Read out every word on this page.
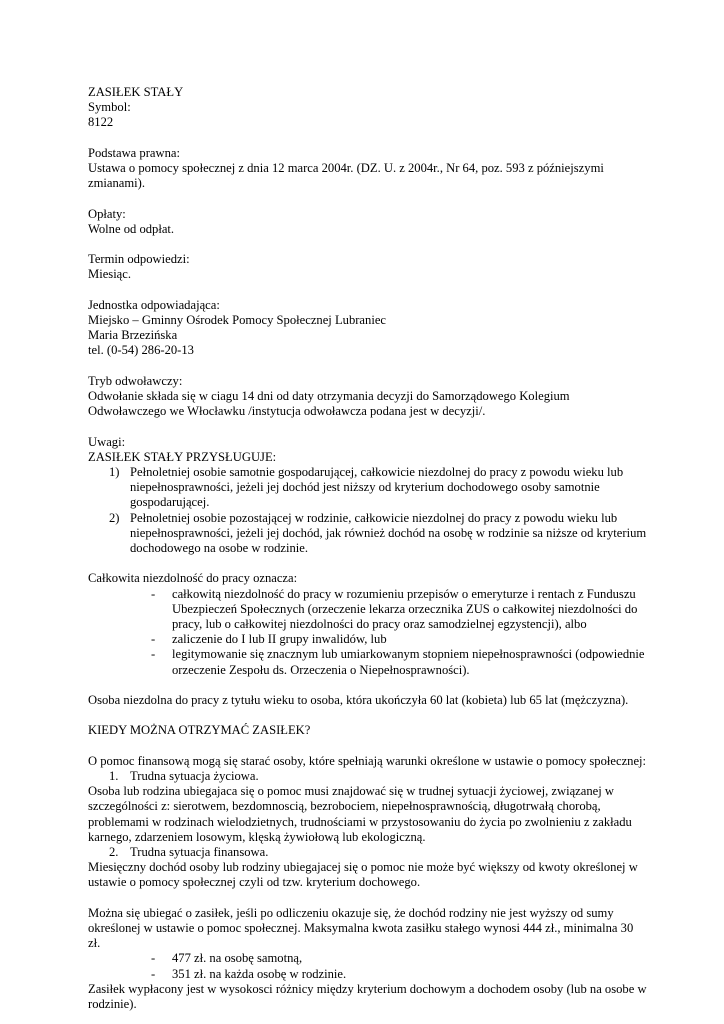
ZASIŁEK STAŁY

Symbol:

8122

Podstawa prawna:

Ustawa o pomocy społecznej z dnia 12 marca 2004r. (DZ. U. z 2004r., Nr 64, poz. 593 z późniejszymi zmianami).

Opłaty:

Wolne od odpłat.

Termin odpowiedzi:

Miesiąc.

Jednostka odpowiadająca:

Miejsko – Gminny Ośrodek Pomocy Społecznej Lubraniec

Maria Brzezińska

tel. (0-54) 286-20-13

Tryb odwoławczy:

Odwołanie składa się w ciagu 14 dni od daty otrzymania decyzji do Samorządowego Kolegium Odwoławczego we Włocławku /instytucja odwoławcza podana jest w decyzji/.

Uwagi:

ZASIŁEK STAŁY PRZYSŁUGUJE:

1) Pełnoletniej osobie samotnie gospodarującej, całkowicie niezdolnej do pracy z powodu wieku lub niepełnosprawności, jeżeli jej dochód jest niższy od kryterium dochodowego osoby samotnie gospodarującej.
2) Pełnoletniej osobie pozostającej w rodzinie, całkowicie niezdolnej do pracy z powodu wieku lub niepełnosprawności, jeżeli jej dochód, jak również dochód na osobę w rodzinie sa niższe od kryterium dochodowego na osobe w rodzinie.

Całkowita niezdolność do pracy oznacza:

- całkowitą niezdolność do pracy w rozumieniu przepisów o emeryturze i rentach z Funduszu Ubezpieczeń Społecznych (orzeczenie lekarza orzecznika ZUS o całkowitej niezdolności do pracy, lub o całkowitej niezdolności do pracy oraz samodzielnej egzystencji), albo
- zaliczenie do I lub II grupy inwalidów, lub
- legitymowanie się znacznym lub umiarkowanym stopniem niepełnosprawności (odpowiednie orzeczenie Zespołu ds. Orzeczenia o Niepełnosprawności).

Osoba niezdolna do pracy z tytułu wieku to osoba, która ukończyła 60 lat (kobieta) lub 65 lat (mężczyzna).

KIEDY MOŻNA OTRZYMAĆ ZASIŁEK?

O pomoc finansową mogą się starać osoby, które spełniają warunki określone w ustawie o pomocy społecznej:

1. Trudna sytuacja życiowa.

Osoba lub rodzina ubiegajaca się o pomoc musi znajdować się w trudnej sytuacji życiowej, związanej w szczególności z: sierotwem, bezdomnoscią, bezrobociem, niepełnosprawnością, długotrwałą chorobą, problemami w rodzinach wielodzietnych, trudnościami w przystosowaniu do życia po zwolnieniu z zakładu karnego, zdarzeniem losowym, klęską żywiołową lub ekologiczną.

2. Trudna sytuacja finansowa.

Miesięczny dochód osoby lub rodziny ubiegajacej się o pomoc nie może być większy od kwoty określonej w ustawie o pomocy społecznej czyli od tzw. kryterium dochowego.

Można się ubiegać o zasiłek, jeśli po odliczeniu okazuje się, że dochód rodziny nie jest wyższy od sumy określonej w ustawie o pomoc społecznej. Maksymalna kwota zasiłku stałego wynosi 444 zł., minimalna 30 zł.

- 477 zł. na osobę samotną,
- 351 zł. na każda osobę w rodzinie.

Zasiłek wypłacony jest w wysokosci różnicy między kryterium dochowym a dochodem osoby (lub na osobe w rodzinie).
